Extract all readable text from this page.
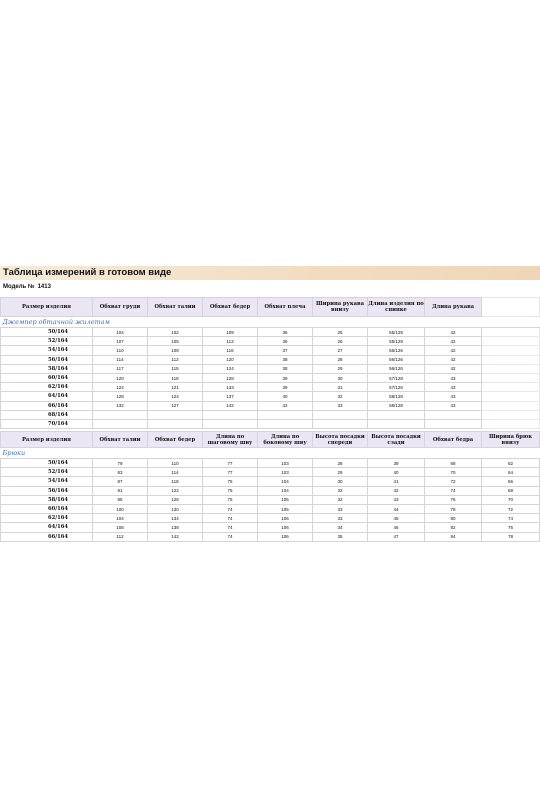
Таблица измерений в готовом виде
Модель № 1413
Размер изделия	Обхват груди	Обхват талии	Обхват бедер	Обхват плеча	Ширина рукава внизу	Длина изделия по спинке	Длина рукава	
Джемпер обтачной жилетам								
50/164	104	102	109	36	25	55/129	42	
52/164	107	105	113	36	26	55/129	42	
54/164	110	108	116	37	27	56/126	42	
56/164	114	112	120	38	28	56/126	42	
58/164	117	115	124	38	29	56/126	42	
60/164	120	118	128	39	30	57/128	43	
62/164	124	121	133	39	31	57/128	43	
64/164	128	124	137	40	32	58/128	43	
66/164	132	127	142	42	33	58/128	43	
68/164								
70/164								
Размер изделия	Обхват талии	Обхват бедер	Длина по шаговому шву	Длина по боковому шву	Высота посадки спереди	Высота посадки сзади	Обхват бедра	Ширина брюк внизу
Брюки								
50/164	79	110	77	103	28	39	68	62
52/164	83	114	77	103	29	40	70	64
54/164	87	118	75	104	30	41	72	66
56/164	91	122	75	104	32	42	74	68
58/164	95	126	75	105	32	43	76	70
60/164	100	130	74	105	33	44	78	72
62/164	104	134	74	106	33	45	80	74
64/164	108	138	74	106	34	46	82	76
66/164	112	142	74	106	35	47	84	78
